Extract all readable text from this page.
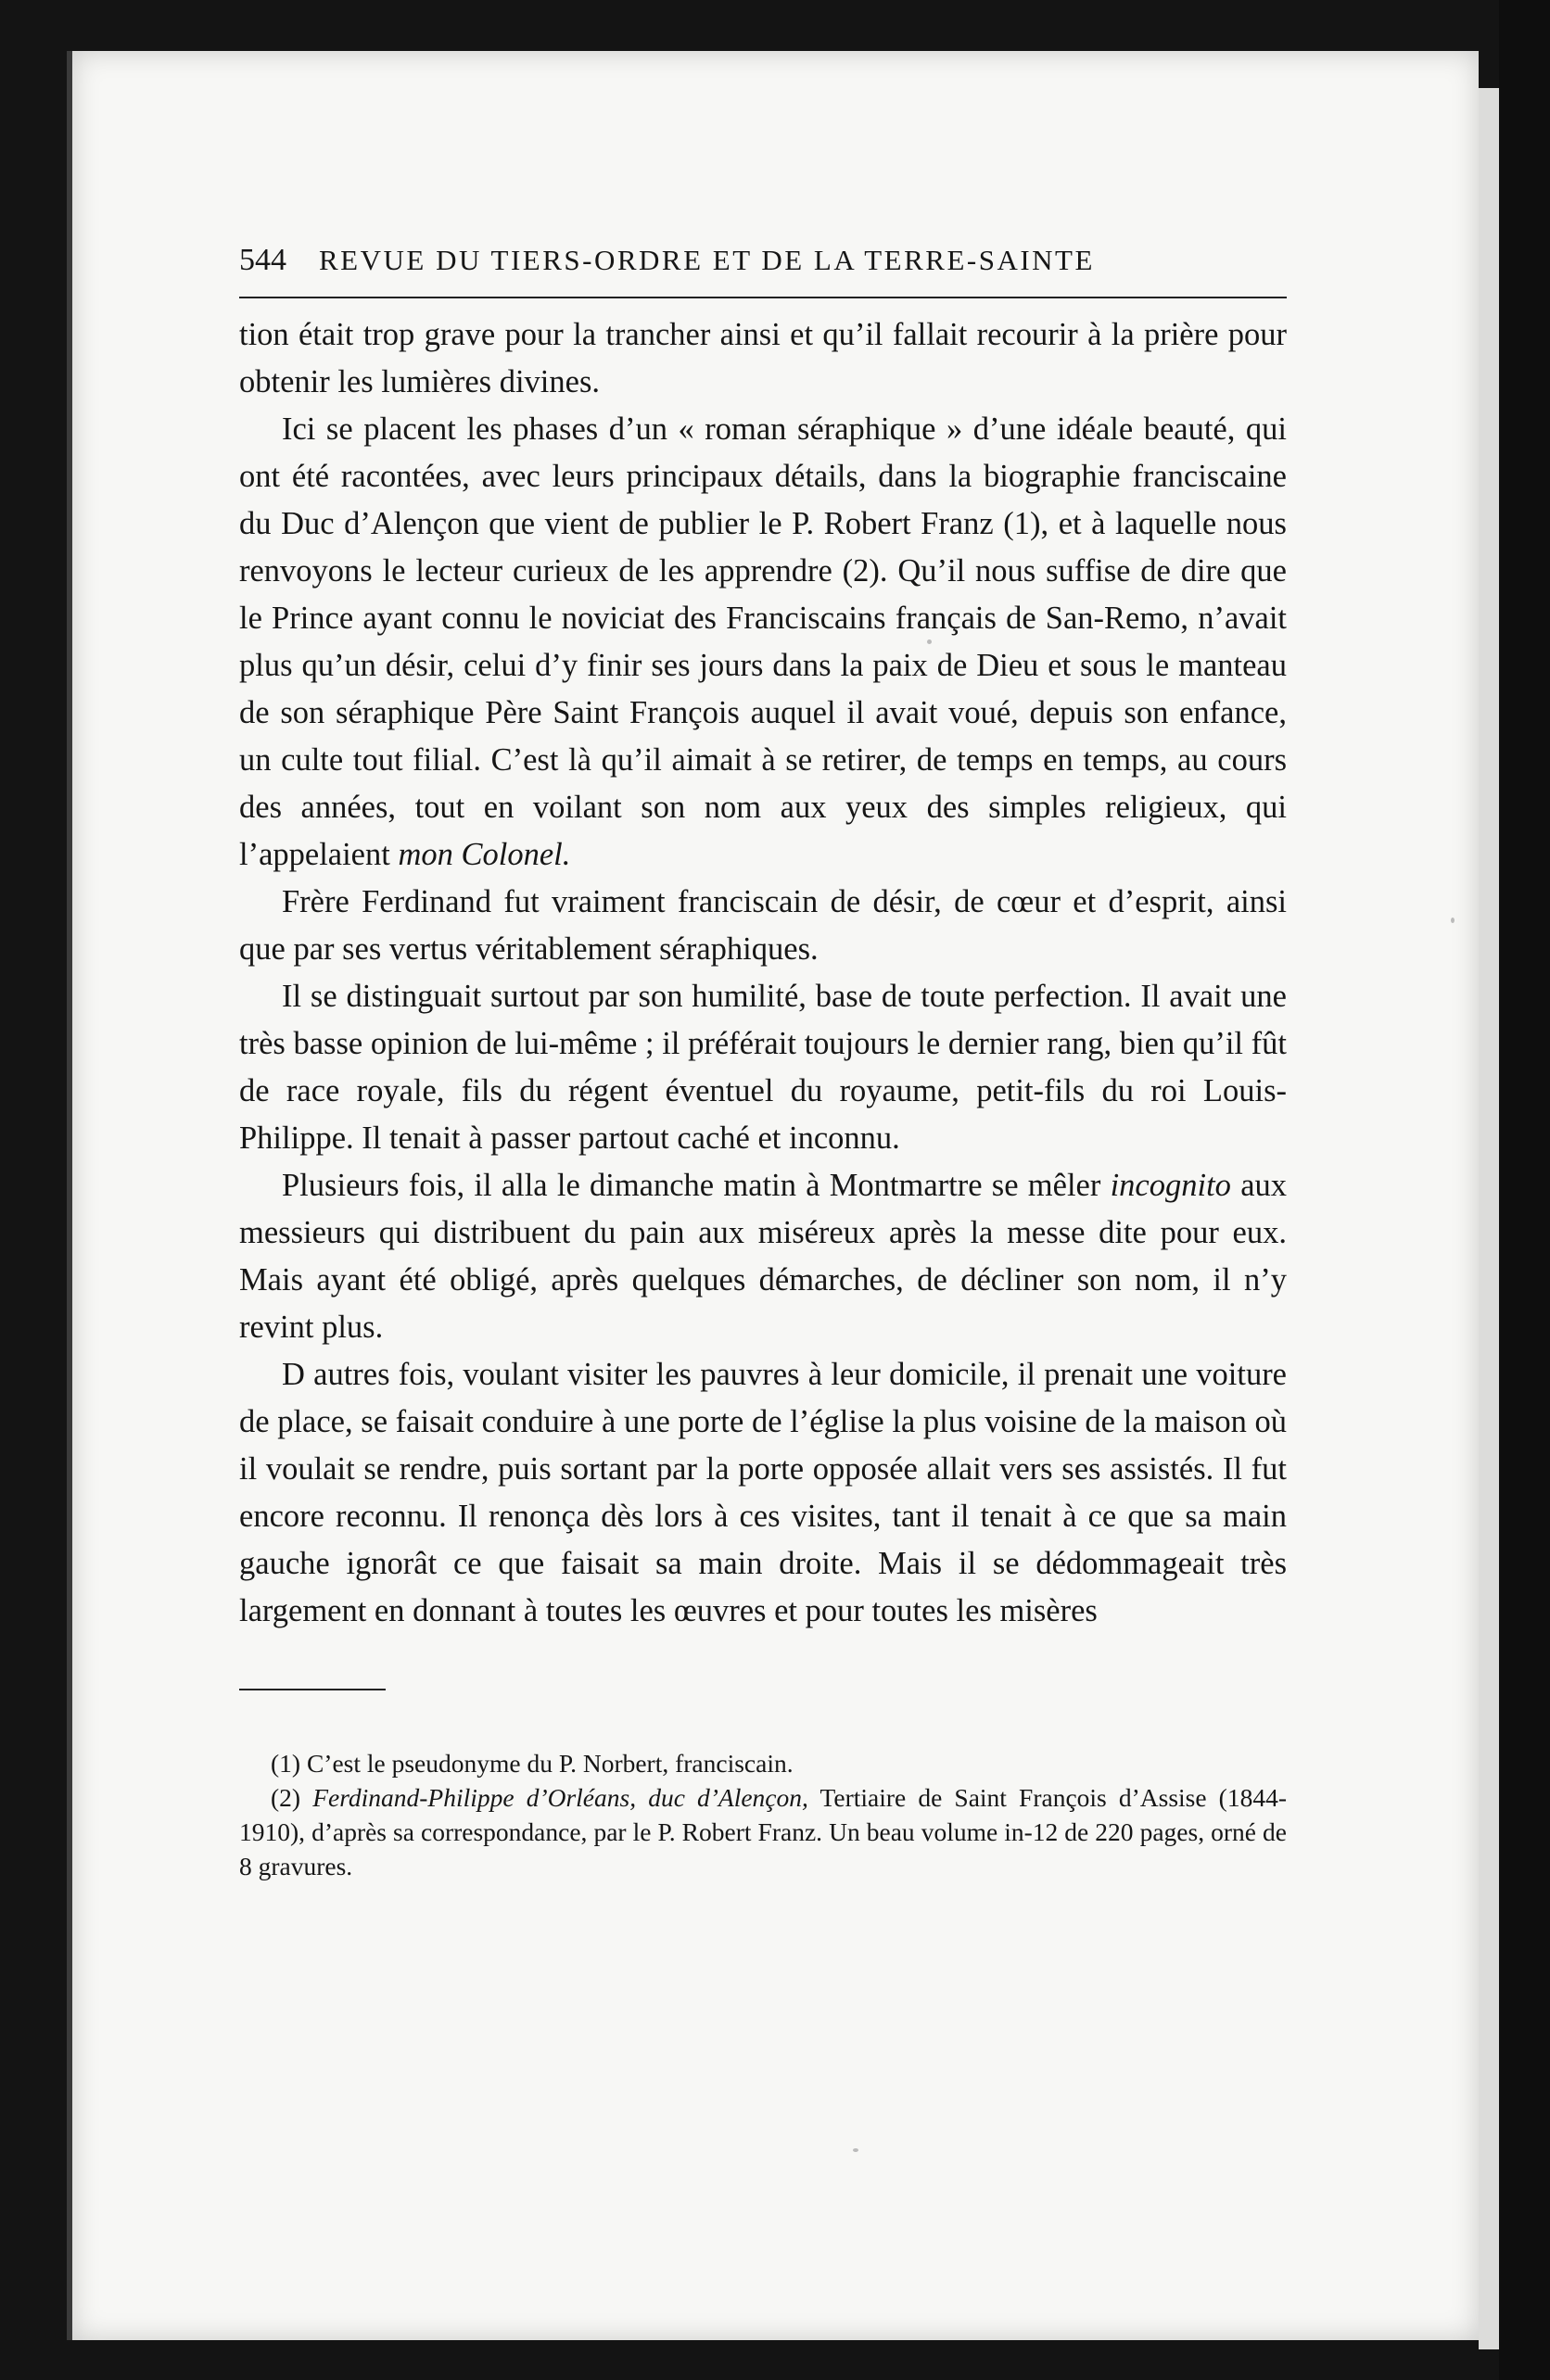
544	REVUE DU TIERS-ORDRE ET DE LA TERRE-SAINTE

tion était trop grave pour la trancher ainsi et qu’il fallait recourir à la prière pour obtenir les lumières divines.

Ici se placent les phases d’un « roman séraphique » d’une idéale beauté, qui ont été racontées, avec leurs principaux détails, dans la biographie franciscaine du Duc d’Alençon que vient de publier le P. Robert Franz (1), et à laquelle nous renvoyons le lecteur curieux de les apprendre (2). Qu’il nous suffise de dire que le Prince ayant connu le noviciat des Franciscains français de San-Remo, n’avait plus qu’un désir, celui d’y finir ses jours dans la paix de Dieu et sous le manteau de son séraphique Père Saint François auquel il avait voué, depuis son enfance, un culte tout filial. C’est là qu’il aimait à se retirer, de temps en temps, au cours des années, tout en voilant son nom aux yeux des simples religieux, qui l’appelaient mon Colonel.

Frère Ferdinand fut vraiment franciscain de désir, de cœur et d’esprit, ainsi que par ses vertus véritablement séraphiques.

Il se distinguait surtout par son humilité, base de toute perfection. Il avait une très basse opinion de lui-même ; il préférait toujours le dernier rang, bien qu’il fût de race royale, fils du régent éventuel du royaume, petit-fils du roi Louis-Philippe. Il tenait à passer partout caché et inconnu.

Plusieurs fois, il alla le dimanche matin à Montmartre se mêler incognito aux messieurs qui distribuent du pain aux miséreux après la messe dite pour eux. Mais ayant été obligé, après quelques démarches, de décliner son nom, il n’y revint plus.

D autres fois, voulant visiter les pauvres à leur domicile, il prenait une voiture de place, se faisait conduire à une porte de l’église la plus voisine de la maison où il voulait se rendre, puis sortant par la porte opposée allait vers ses assistés. Il fut encore reconnu. Il renonça dès lors à ces visites, tant il tenait à ce que sa main gauche ignorât ce que faisait sa main droite. Mais il se dédommageait très largement en donnant à toutes les œuvres et pour toutes les misères

(1) C’est le pseudonyme du P. Norbert, franciscain.

(2) Ferdinand-Philippe d’Orléans, duc d’Alençon, Tertiaire de Saint François d’Assise (1844-1910), d’après sa correspondance, par le P. Robert Franz. Un beau volume in-12 de 220 pages, orné de 8 gravures.
